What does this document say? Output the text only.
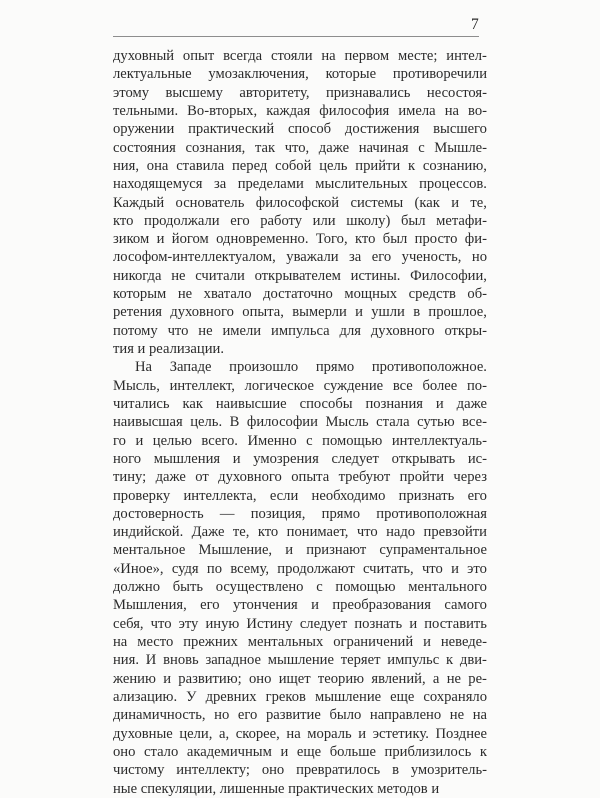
7
духовный опыт всегда стояли на первом месте; интел-
лектуальные умозаключения, которые противоречили
этому высшему авторитету, признавались несостоя-
тельными. Во-вторых, каждая философия имела на во-
оружении практический способ достижения высшего
состояния сознания, так что, даже начиная с Мышле-
ния, она ставила перед собой цель прийти к сознанию,
находящемуся за пределами мыслительных процессов.
Каждый основатель философской системы (как и те,
кто продолжали его работу или школу) был метафи-
зиком и йогом одновременно. Того, кто был просто фи-
лософом-интеллектуалом, уважали за его ученость, но
никогда не считали открывателем истины. Философии,
которым не хватало достаточно мощных средств об-
ретения духовного опыта, вымерли и ушли в прошлое,
потому что не имели импульса для духовного откры-
тия и реализации.
На Западе произошло прямо противоположное.
Мысль, интеллект, логическое суждение все более по-
читались как наивысшие способы познания и даже
наивысшая цель. В философии Мысль стала сутью все-
го и целью всего. Именно с помощью интеллектуаль-
ного мышления и умозрения следует открывать ис-
тину; даже от духовного опыта требуют пройти через
проверку интеллекта, если необходимо признать его
достоверность — позиция, прямо противоположная
индийской. Даже те, кто понимает, что надо превзойти
ментальное Мышление, и признают супраментальное
«Иное», судя по всему, продолжают считать, что и это
должно быть осуществлено с помощью ментального
Мышления, его утончения и преобразования самого
себя, что эту иную Истину следует познать и поставить
на место прежних ментальных ограничений и неведе-
ния. И вновь западное мышление теряет импульс к дви-
жению и развитию; оно ищет теорию явлений, а не ре-
ализацию. У древних греков мышление еще сохраняло
динамичность, но его развитие было направлено не на
духовные цели, а, скорее, на мораль и эстетику. Позднее
оно стало академичным и еще больше приблизилось к
чистому интеллекту; оно превратилось в умозритель-
ные спекуляции, лишенные практических методов и
